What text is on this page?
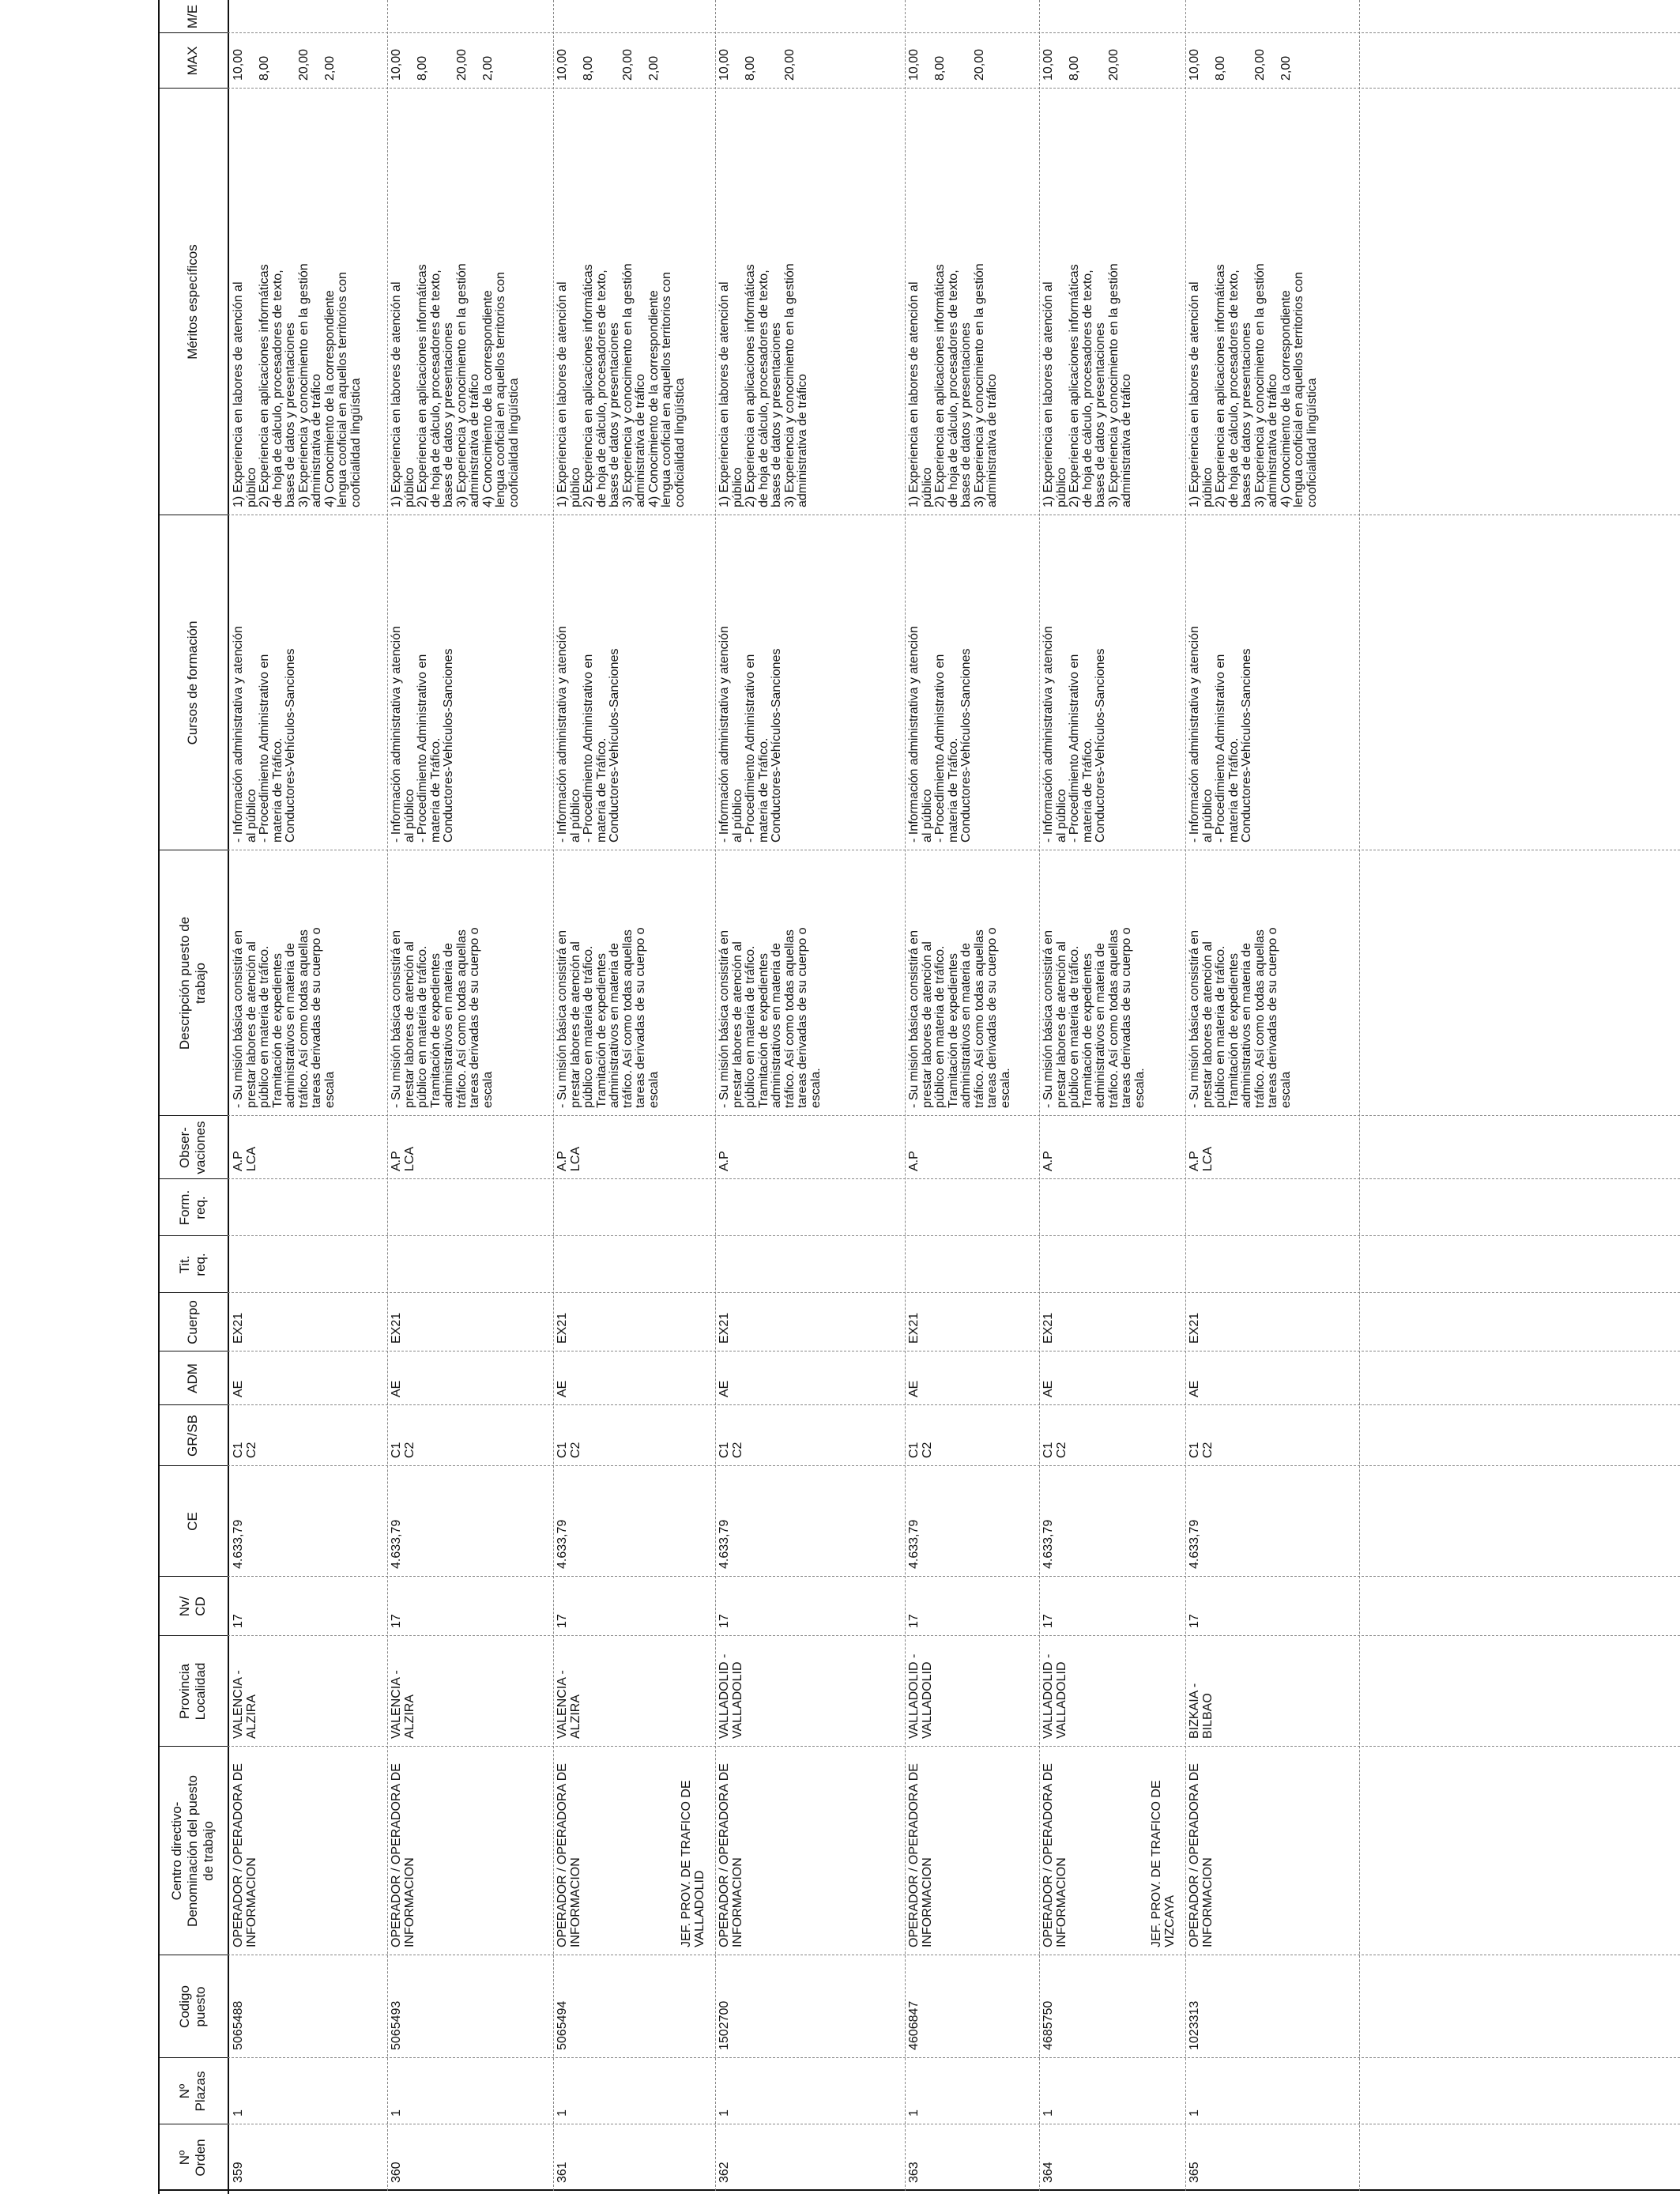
Nº
Orden
Nº
Plazas
Codigo
puesto
Centro directivo-
Denominación del puesto
de trabajo
Provincia
Localidad
Nv/
CD
CE
GR/SB
ADM
Cuerpo
Tit.
req.
Form.
req.
Obser-
vaciones
Descripción puesto de
trabajo
Cursos de formación
Méritos específicos
MAX
M/E
359
1
5065488
OPERADOR / OPERADORA DE
INFORMACION
VALENCIA -
ALZIRA
17
4.633,79
C1
C2
AE
EX21
A.P
LCA
- Su misión básica consistirá en
prestar labores de atención al
público en materia de tráfico.
Tramitación de expedientes
administrativos en materia de
tráfico. Así como todas aquellas
tareas derivadas de su cuerpo o
escala
- Información administrativa y atención
al público
- Procedimiento Administrativo en
materia de Tráfico.
Conductores-Vehículos-Sanciones
1) Experiencia en labores de atención al
público
2) Experiencia en aplicaciones informáticas
de hoja de cálculo, procesadores de texto,
bases de datos y presentaciones
3) Experiencia y conocimiento en la gestión
administrativa de tráfico
4) Conocimiento de la correspondiente
lengua cooficial en aquellos territorios con
cooficialidad lingüística
10,00

8,00

20,00

2,00
360
1
5065493
OPERADOR / OPERADORA DE
INFORMACION
VALENCIA -
ALZIRA
17
4.633,79
C1
C2
AE
EX21
A.P
LCA
- Su misión básica consistirá en
prestar labores de atención al
público en materia de tráfico.
Tramitación de expedientes
administrativos en materia de
tráfico. Así como todas aquellas
tareas derivadas de su cuerpo o
escala
- Información administrativa y atención
al público
- Procedimiento Administrativo en
materia de Tráfico.
Conductores-Vehículos-Sanciones
1) Experiencia en labores de atención al
público
2) Experiencia en aplicaciones informáticas
de hoja de cálculo, procesadores de texto,
bases de datos y presentaciones
3) Experiencia y conocimiento en la gestión
administrativa de tráfico
4) Conocimiento de la correspondiente
lengua cooficial en aquellos territorios con
cooficialidad lingüística
10,00

8,00

20,00

2,00
361
1
5065494
OPERADOR / OPERADORA DE
INFORMACION
VALENCIA -
ALZIRA
17
4.633,79
C1
C2
AE
EX21
A.P
LCA
- Su misión básica consistirá en
prestar labores de atención al
público en materia de tráfico.
Tramitación de expedientes
administrativos en materia de
tráfico. Así como todas aquellas
tareas derivadas de su cuerpo o
escala
- Información administrativa y atención
al público
- Procedimiento Administrativo en
materia de Tráfico.
Conductores-Vehículos-Sanciones
1) Experiencia en labores de atención al
público
2) Experiencia en aplicaciones informáticas
de hoja de cálculo, procesadores de texto,
bases de datos y presentaciones
3) Experiencia y conocimiento en la gestión
administrativa de tráfico
4) Conocimiento de la correspondiente
lengua cooficial en aquellos territorios con
cooficialidad lingüística
10,00

8,00

20,00

2,00
362
1
1502700
OPERADOR / OPERADORA DE
INFORMACION
VALLADOLID -
VALLADOLID
17
4.633,79
C1
C2
AE
EX21
A.P
- Su misión básica consistirá en
prestar labores de atención al
público en materia de tráfico.
Tramitación de expedientes
administrativos en materia de
tráfico. Así como todas aquellas
tareas derivadas de su cuerpo o
escala.
- Información administrativa y atención
al público
- Procedimiento Administrativo en
materia de Tráfico.
Conductores-Vehículos-Sanciones
1) Experiencia en labores de atención al
público
2) Experiencia en aplicaciones informáticas
de hoja de cálculo, procesadores de texto,
bases de datos y presentaciones
3) Experiencia y conocimiento en la gestión
administrativa de tráfico
10,00

8,00

20,00
JEF. PROV. DE TRAFICO DE
VALLADOLID
363
1
4606847
OPERADOR / OPERADORA DE
INFORMACION
VALLADOLID -
VALLADOLID
17
4.633,79
C1
C2
AE
EX21
A.P
- Su misión básica consistirá en
prestar labores de atención al
público en materia de tráfico.
Tramitación de expedientes
administrativos en materia de
tráfico. Así como todas aquellas
tareas derivadas de su cuerpo o
escala.
- Información administrativa y atención
al público
- Procedimiento Administrativo en
materia de Tráfico.
Conductores-Vehículos-Sanciones
1) Experiencia en labores de atención al
público
2) Experiencia en aplicaciones informáticas
de hoja de cálculo, procesadores de texto,
bases de datos y presentaciones
3) Experiencia y conocimiento en la gestión
administrativa de tráfico
10,00

8,00

20,00
364
1
4685750
OPERADOR / OPERADORA DE
INFORMACION
VALLADOLID -
VALLADOLID
17
4.633,79
C1
C2
AE
EX21
A.P
- Su misión básica consistirá en
prestar labores de atención al
público en materia de tráfico.
Tramitación de expedientes
administrativos en materia de
tráfico. Así como todas aquellas
tareas derivadas de su cuerpo o
escala.
- Información administrativa y atención
al público
- Procedimiento Administrativo en
materia de Tráfico.
Conductores-Vehículos-Sanciones
1) Experiencia en labores de atención al
público
2) Experiencia en aplicaciones informáticas
de hoja de cálculo, procesadores de texto,
bases de datos y presentaciones
3) Experiencia y conocimiento en la gestión
administrativa de tráfico
10,00

8,00

20,00
365
1
1023313
OPERADOR / OPERADORA DE
INFORMACION
BIZKAIA -
BILBAO
17
4.633,79
C1
C2
AE
EX21
A.P
LCA
- Su misión básica consistirá en
prestar labores de atención al
público en materia de tráfico.
Tramitación de expedientes
administrativos en materia de
tráfico. Así como todas aquellas
tareas derivadas de su cuerpo o
escala
- Información administrativa y atención
al público
- Procedimiento Administrativo en
materia de Tráfico.
Conductores-Vehículos-Sanciones
1) Experiencia en labores de atención al
público
2) Experiencia en aplicaciones informáticas
de hoja de cálculo, procesadores de texto,
bases de datos y presentaciones
3) Experiencia y conocimiento en la gestión
administrativa de tráfico
4) Conocimiento de la correspondiente
lengua cooficial en aquellos territorios con
cooficialidad lingüística
10,00

8,00

20,00

2,00
JEF. PROV. DE TRAFICO DE
VIZCAYA
